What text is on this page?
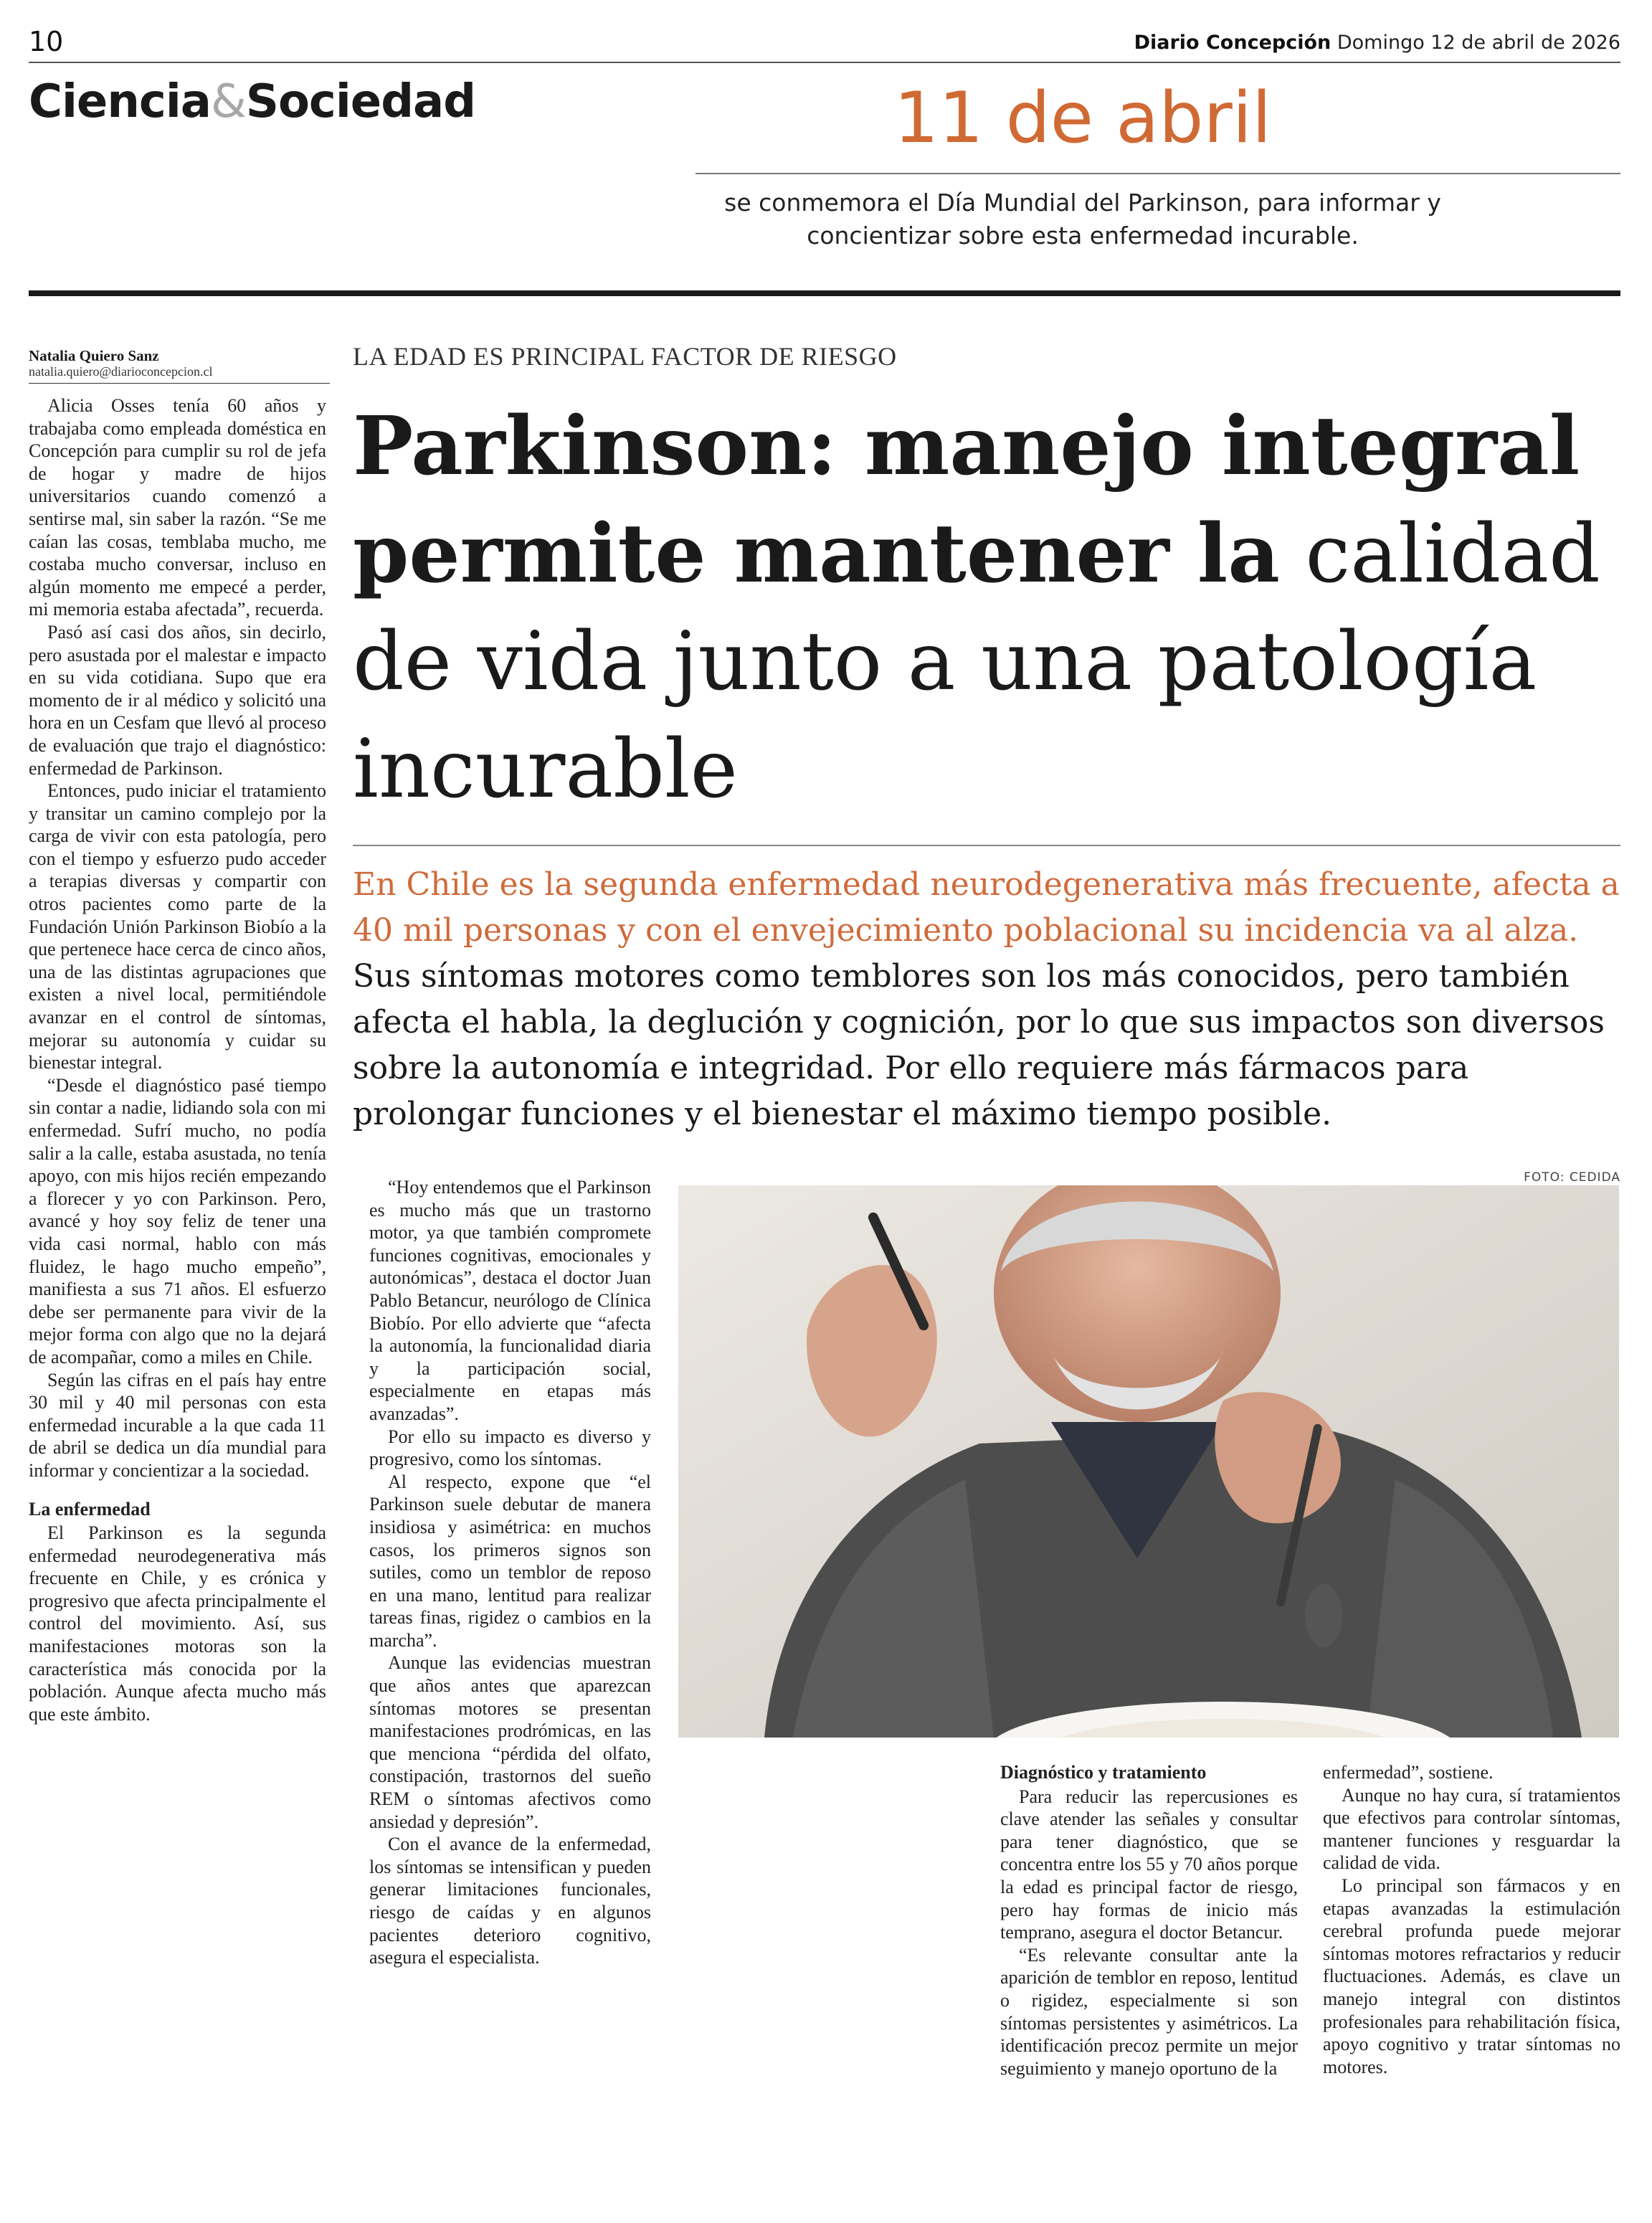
10	Diario Concepción Domingo 12 de abril de 2026
Ciencia&Sociedad	11 de abril
se conmemora el Día Mundial del Parkinson, para informar y concientizar sobre esta enfermedad incurable.
Natalia Quiero Sanz
natalia.quiero@diarioconcepcion.cl
LA EDAD ES PRINCIPAL FACTOR DE RIESGO
Parkinson: manejo integral permite mantener la calidad de vida junto a una patología incurable
En Chile es la segunda enfermedad neurodegenerativa más frecuente, afecta a 40 mil personas y con el envejecimiento poblacional su incidencia va al alza.
Sus síntomas motores como temblores son los más conocidos, pero también afecta el habla, la deglución y cognición, por lo que sus impactos son diversos sobre la autonomía e integridad. Por ello requiere más fármacos para prolongar funciones y el bienestar el máximo tiempo posible.

Alicia Osses tenía 60 años y trabajaba como empleada doméstica en Concepción para cumplir su rol de jefa de hogar y madre de hijos universitarios cuando comenzó a sentirse mal, sin saber la razón. “Se me caían las cosas, temblaba mucho, me costaba mucho conversar, incluso en algún momento me empecé a perder, mi memoria estaba afectada”, recuerda.

Pasó así casi dos años, sin decirlo, pero asustada por el malestar e impacto en su vida cotidiana. Supo que era momento de ir al médico y solicitó una hora en un Cesfam que llevó al proceso de evaluación que trajo el diagnóstico: enfermedad de Parkinson.

Entonces, pudo iniciar el tratamiento y transitar un camino complejo por la carga de vivir con esta patología, pero con el tiempo y esfuerzo pudo acceder a terapias diversas y compartir con otros pacientes como parte de la Fundación Unión Parkinson Biobío a la que pertenece hace cerca de cinco años, una de las distintas agrupaciones que existen a nivel local, permitiéndole avanzar en el control de síntomas, mejorar su autonomía y cuidar su bienestar integral.

“Desde el diagnóstico pasé tiempo sin contar a nadie, lidiando sola con mi enfermedad. Sufrí mucho, no podía salir a la calle, estaba asustada, no tenía apoyo, con mis hijos recién empezando a florecer y yo con Parkinson. Pero, avancé y hoy soy feliz de tener una vida casi normal, hablo con más fluidez, le hago mucho empeño”, manifiesta a sus 71 años. El esfuerzo debe ser permanente para vivir de la mejor forma con algo que no la dejará de acompañar, como a miles en Chile.

Según las cifras en el país hay entre 30 mil y 40 mil personas con esta enfermedad incurable a la que cada 11 de abril se dedica un día mundial para informar y concientizar a la sociedad.

La enfermedad

El Parkinson es la segunda enfermedad neurodegenerativa más frecuente en Chile, y es crónica y progresivo que afecta principalmente el control del movimiento. Así, sus manifestaciones motoras son la característica más conocida por la población. Aunque afecta mucho más que este ámbito.

“Hoy entendemos que el Parkinson es mucho más que un trastorno motor, ya que también compromete funciones cognitivas, emocionales y autonómicas”, destaca el doctor Juan Pablo Betancur, neurólogo de Clínica Biobío. Por ello advierte que “afecta la autonomía, la funcionalidad diaria y la participación social, especialmente en etapas más avanzadas”.

Por ello su impacto es diverso y progresivo, como los síntomas.

Al respecto, expone que “el Parkinson suele debutar de manera insidiosa y asimétrica: en muchos casos, los primeros signos son sutiles, como un temblor de reposo en una mano, lentitud para realizar tareas finas, rigidez o cambios en la marcha”.

Aunque las evidencias muestran que años antes que aparezcan síntomas motores se presentan manifestaciones prodrómicas, en las que menciona “pérdida del olfato, constipación, trastornos del sueño REM o síntomas afectivos como ansiedad y depresión”.

Con el avance de la enfermedad, los síntomas se intensifican y pueden generar limitaciones funcionales, riesgo de caídas y en algunos pacientes deterioro cognitivo, asegura el especialista.

FOTO: CEDIDA
Diagnóstico y tratamiento

Para reducir las repercusiones es clave atender las señales y consultar para tener diagnóstico, que se concentra entre los 55 y 70 años porque la edad es principal factor de riesgo, pero hay formas de inicio más temprano, asegura el doctor Betancur.

“Es relevante consultar ante la aparición de temblor en reposo, lentitud o rigidez, especialmente si son síntomas persistentes y asimétricos. La identificación precoz permite un mejor seguimiento y manejo oportuno de la

enfermedad”, sostiene.

Aunque no hay cura, sí tratamientos que efectivos para controlar síntomas, mantener funciones y resguardar la calidad de vida.

Lo principal son fármacos y en etapas avanzadas la estimulación cerebral profunda puede mejorar síntomas motores refractarios y reducir fluctuaciones. Además, es clave un manejo integral con distintos profesionales para rehabilitación física, apoyo cognitivo y tratar síntomas no motores.
